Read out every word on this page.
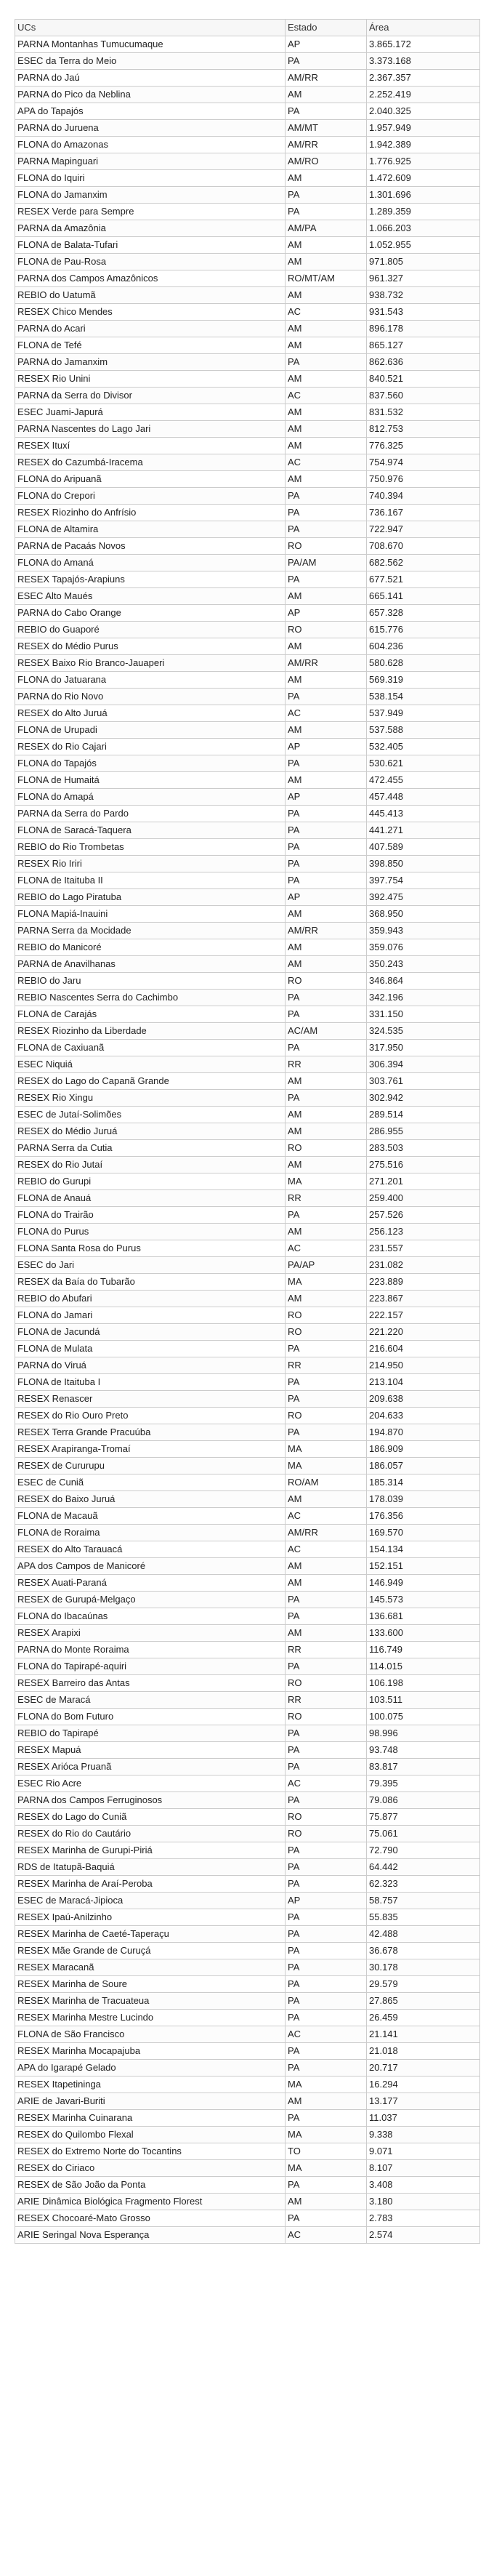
UCs	Estado	Área
PARNA Montanhas Tumucumaque	AP	3.865.172
ESEC da Terra do Meio	PA	3.373.168
PARNA do Jaú	AM/RR	2.367.357
PARNA do Pico da Neblina	AM	2.252.419
APA do Tapajós	PA	2.040.325
PARNA do Juruena	AM/MT	1.957.949
FLONA do Amazonas	AM/RR	1.942.389
PARNA Mapinguari	AM/RO	1.776.925
FLONA do Iquiri	AM	1.472.609
FLONA do Jamanxim	PA	1.301.696
RESEX Verde para Sempre	PA	1.289.359
PARNA da Amazônia	AM/PA	1.066.203
FLONA de Balata-Tufari	AM	1.052.955
FLONA de Pau-Rosa	AM	971.805
PARNA dos Campos Amazônicos	RO/MT/AM	961.327
REBIO do Uatumã	AM	938.732
RESEX Chico Mendes	AC	931.543
PARNA do Acari	AM	896.178
FLONA de Tefé	AM	865.127
PARNA do Jamanxim	PA	862.636
RESEX Rio Unini	AM	840.521
PARNA da Serra do Divisor	AC	837.560
ESEC Juami-Japurá	AM	831.532
PARNA Nascentes do Lago Jari	AM	812.753
RESEX Ituxí	AM	776.325
RESEX do Cazumbá-Iracema	AC	754.974
FLONA do Aripuanã	AM	750.976
FLONA do Crepori	PA	740.394
RESEX Riozinho do Anfrísio	PA	736.167
FLONA de Altamira	PA	722.947
PARNA de Pacaás Novos	RO	708.670
FLONA do Amaná	PA/AM	682.562
RESEX Tapajós-Arapiuns	PA	677.521
ESEC Alto Maués	AM	665.141
PARNA do Cabo Orange	AP	657.328
REBIO do Guaporé	RO	615.776
RESEX do Médio Purus	AM	604.236
RESEX Baixo Rio Branco-Jauaperi	AM/RR	580.628
FLONA do Jatuarana	AM	569.319
PARNA do Rio Novo	PA	538.154
RESEX do Alto Juruá	AC	537.949
FLONA de Urupadi	AM	537.588
RESEX do Rio Cajari	AP	532.405
FLONA do Tapajós	PA	530.621
FLONA de Humaitá	AM	472.455
FLONA do Amapá	AP	457.448
PARNA da Serra do Pardo	PA	445.413
FLONA de Saracá-Taquera	PA	441.271
REBIO do Rio Trombetas	PA	407.589
RESEX Rio Iriri	PA	398.850
FLONA de Itaituba II	PA	397.754
REBIO do Lago Piratuba	AP	392.475
FLONA Mapiá-Inauini	AM	368.950
PARNA Serra da Mocidade	AM/RR	359.943
REBIO do Manicoré	AM	359.076
PARNA de Anavilhanas	AM	350.243
REBIO do Jaru	RO	346.864
REBIO Nascentes Serra do Cachimbo	PA	342.196
FLONA de Carajás	PA	331.150
RESEX Riozinho da Liberdade	AC/AM	324.535
FLONA de Caxiuanã	PA	317.950
ESEC Niquiá	RR	306.394
RESEX do Lago do Capanã Grande	AM	303.761
RESEX Rio Xingu	PA	302.942
ESEC de Jutaí-Solimões	AM	289.514
RESEX do Médio Juruá	AM	286.955
PARNA Serra da Cutia	RO	283.503
RESEX do Rio Jutaí	AM	275.516
REBIO do Gurupi	MA	271.201
FLONA de Anauá	RR	259.400
FLONA do Trairão	PA	257.526
FLONA do Purus	AM	256.123
FLONA Santa Rosa do Purus	AC	231.557
ESEC do Jari	PA/AP	231.082
RESEX da Baía do Tubarão	MA	223.889
REBIO do Abufari	AM	223.867
FLONA do Jamari	RO	222.157
FLONA de Jacundá	RO	221.220
FLONA de Mulata	PA	216.604
PARNA do Viruá	RR	214.950
FLONA de Itaituba I	PA	213.104
RESEX Renascer	PA	209.638
RESEX do Rio Ouro Preto	RO	204.633
RESEX Terra Grande Pracuúba	PA	194.870
RESEX Arapiranga-Tromaí	MA	186.909
RESEX de Cururupu	MA	186.057
ESEC de Cuniã	RO/AM	185.314
RESEX do Baixo Juruá	AM	178.039
FLONA de Macauã	AC	176.356
FLONA de Roraima	AM/RR	169.570
RESEX do Alto Tarauacá	AC	154.134
APA dos Campos de Manicoré	AM	152.151
RESEX Auati-Paraná	AM	146.949
RESEX de Gurupá-Melgaço	PA	145.573
FLONA do Ibacaúnas	PA	136.681
RESEX Arapixi	AM	133.600
PARNA do Monte Roraima	RR	116.749
FLONA do Tapirapé-aquiri	PA	114.015
RESEX Barreiro das Antas	RO	106.198
ESEC de Maracá	RR	103.511
FLONA do Bom Futuro	RO	100.075
REBIO do Tapirapé	PA	98.996
RESEX Mapuá	PA	93.748
RESEX Arióca Pruanã	PA	83.817
ESEC Rio Acre	AC	79.395
PARNA dos Campos Ferruginosos	PA	79.086
RESEX do Lago do Cuniã	RO	75.877
RESEX do Rio do Cautário	RO	75.061
RESEX Marinha de Gurupi-Piriá	PA	72.790
RDS de Itatupã-Baquiá	PA	64.442
RESEX Marinha de Araí-Peroba	PA	62.323
ESEC de Maracá-Jipioca	AP	58.757
RESEX Ipaú-Anilzinho	PA	55.835
RESEX Marinha de Caeté-Taperaçu	PA	42.488
RESEX Mãe Grande de Curuçá	PA	36.678
RESEX Maracanã	PA	30.178
RESEX Marinha de Soure	PA	29.579
RESEX Marinha de Tracuateua	PA	27.865
RESEX Marinha Mestre Lucindo	PA	26.459
FLONA de São Francisco	AC	21.141
RESEX Marinha Mocapajuba	PA	21.018
APA do Igarapé Gelado	PA	20.717
RESEX Itapetininga	MA	16.294
ARIE de Javari-Buriti	AM	13.177
RESEX Marinha Cuinarana	PA	11.037
RESEX do Quilombo Flexal	MA	9.338
RESEX do Extremo Norte do Tocantins	TO	9.071
RESEX do Ciriaco	MA	8.107
RESEX de São João da Ponta	PA	3.408
ARIE Dinâmica Biológica Fragmento Florest	AM	3.180
RESEX Chocoaré-Mato Grosso	PA	2.783
ARIE Seringal Nova Esperança	AC	2.574
